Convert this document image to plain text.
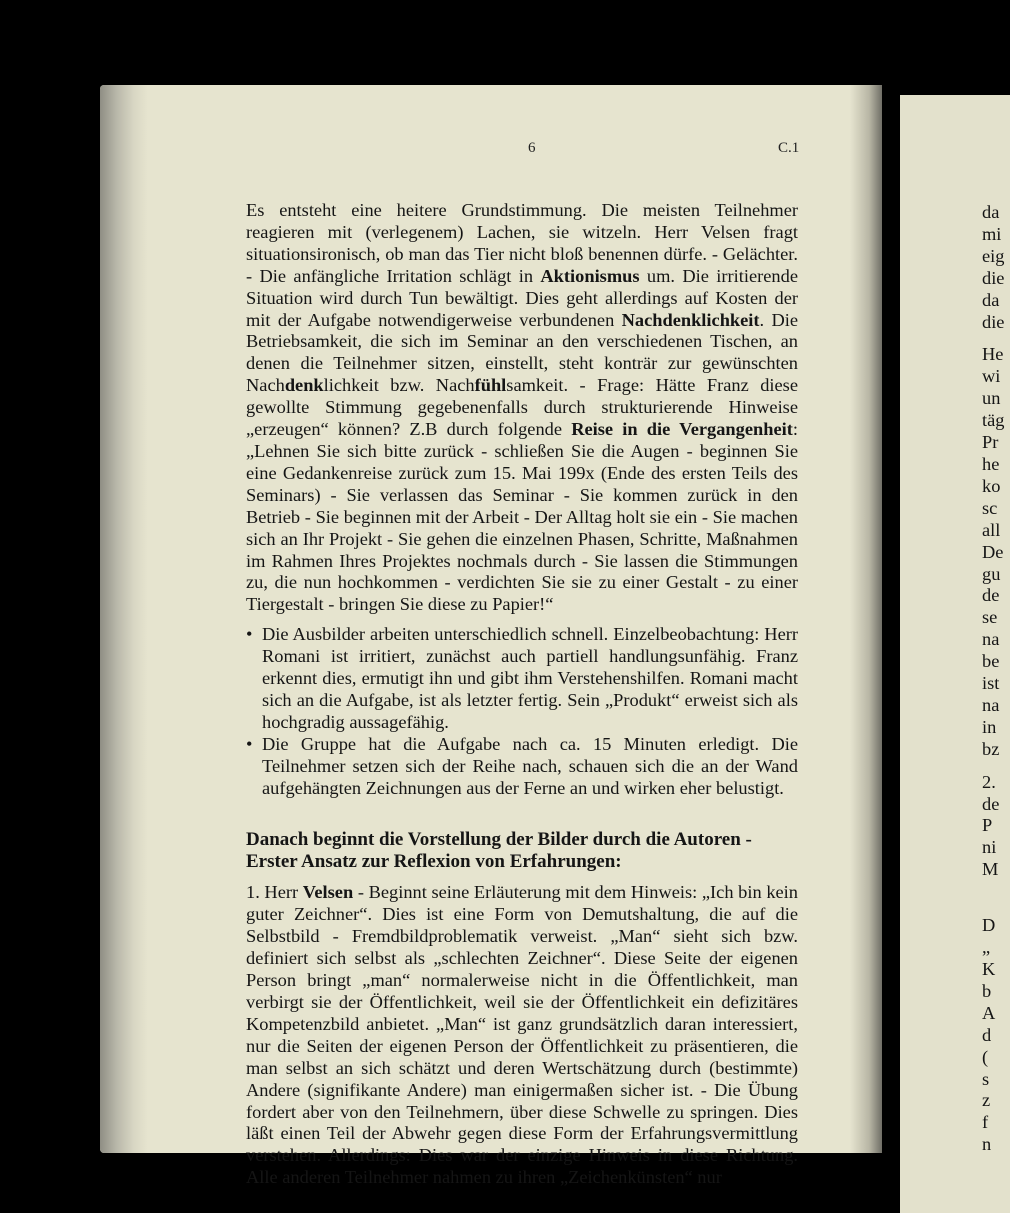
6	C.1

Es entsteht eine heitere Grundstimmung. Die meisten Teilnehmer reagieren mit (verlegenem) Lachen, sie witzeln. Herr Velsen fragt situationsironisch, ob man das Tier nicht bloß benennen dürfe. - Gelächter. - Die anfängliche Irritation schlägt in Aktionismus um. Die irritierende Situation wird durch Tun bewältigt. Dies geht allerdings auf Kosten der mit der Aufgabe notwendigerweise verbundenen Nachdenklichkeit. Die Betriebsamkeit, die sich im Seminar an den verschiedenen Tischen, an denen die Teilnehmer sitzen, einstellt, steht konträr zur gewünschten Nachdenklichkeit bzw. Nachfühlsamkeit. - Frage: Hätte Franz diese gewollte Stimmung gegebenenfalls durch strukturierende Hinweise „erzeugen“ können? Z.B durch folgende Reise in die Vergangenheit: „Lehnen Sie sich bitte zurück - schließen Sie die Augen - beginnen Sie eine Gedankenreise zurück zum 15. Mai 199x (Ende des ersten Teils des Seminars) - Sie verlassen das Seminar - Sie kommen zurück in den Betrieb - Sie beginnen mit der Arbeit - Der Alltag holt sie ein - Sie machen sich an Ihr Projekt - Sie gehen die einzelnen Phasen, Schritte, Maßnahmen im Rahmen Ihres Projektes nochmals durch - Sie lassen die Stimmungen zu, die nun hochkommen - verdichten Sie sie zu einer Gestalt - zu einer Tiergestalt - bringen Sie diese zu Papier!“

• Die Ausbilder arbeiten unterschiedlich schnell. Einzelbeobachtung: Herr Romani ist irritiert, zunächst auch partiell handlungsunfähig. Franz erkennt dies, ermutigt ihn und gibt ihm Verstehenshilfen. Romani macht sich an die Aufgabe, ist als letzter fertig. Sein „Produkt“ erweist sich als hochgradig aussagefähig.
• Die Gruppe hat die Aufgabe nach ca. 15 Minuten erledigt. Die Teilnehmer setzen sich der Reihe nach, schauen sich die an der Wand aufgehängten Zeichnungen aus der Ferne an und wirken eher belustigt.
Danach beginnt die Vorstellung der Bilder durch die Autoren - Erster Ansatz zur Reflexion von Erfahrungen:

1. Herr Velsen - Beginnt seine Erläuterung mit dem Hinweis: „Ich bin kein guter Zeichner“. Dies ist eine Form von Demutshaltung, die auf die Selbstbild - Fremdbildproblematik verweist. „Man“ sieht sich bzw. definiert sich selbst als „schlechten Zeichner“. Diese Seite der eigenen Person bringt „man“ normalerweise nicht in die Öffentlichkeit, man verbirgt sie der Öffentlichkeit, weil sie der Öffentlichkeit ein defizitäres Kompetenzbild anbietet. „Man“ ist ganz grundsätzlich daran interessiert, nur die Seiten der eigenen Person der Öffentlichkeit zu präsentieren, die man selbst an sich schätzt und deren Wertschätzung durch (bestimmte) Andere (signifikante Andere) man einigermaßen sicher ist. - Die Übung fordert aber von den Teilnehmern, über diese Schwelle zu springen. Dies läßt einen Teil der Abwehr gegen diese Form der Erfahrungsvermittlung verstehen. Allerdings: Dies war der einzige Hinweis in diese Richtung. Alle anderen Teilnehmer nahmen zu ihren „Zeichenkünsten“ nur

da
mi
eig
die
da
die
He
wi
un
täg
Pr
he
ko
sc
all
De
gu
de
se
na
be
ist
na
in
bz
2.
de
P
ni
M
D
„
K
b
A
d
(
s
z
f
n
